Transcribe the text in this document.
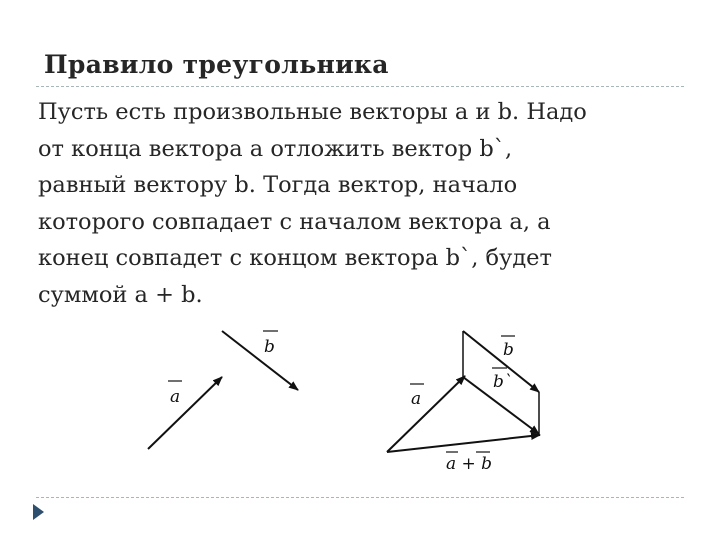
Правило треугольника

Пусть есть произвольные векторы a и b. Надо
от конца вектора a отложить вектор b`,
равный вектору b. Тогда вектор, начало
которого совпадает с началом вектора a, а
конец совпадет с концом вектора b`, будет
суммой a + b.

a
b
a
b
b`
a + b
